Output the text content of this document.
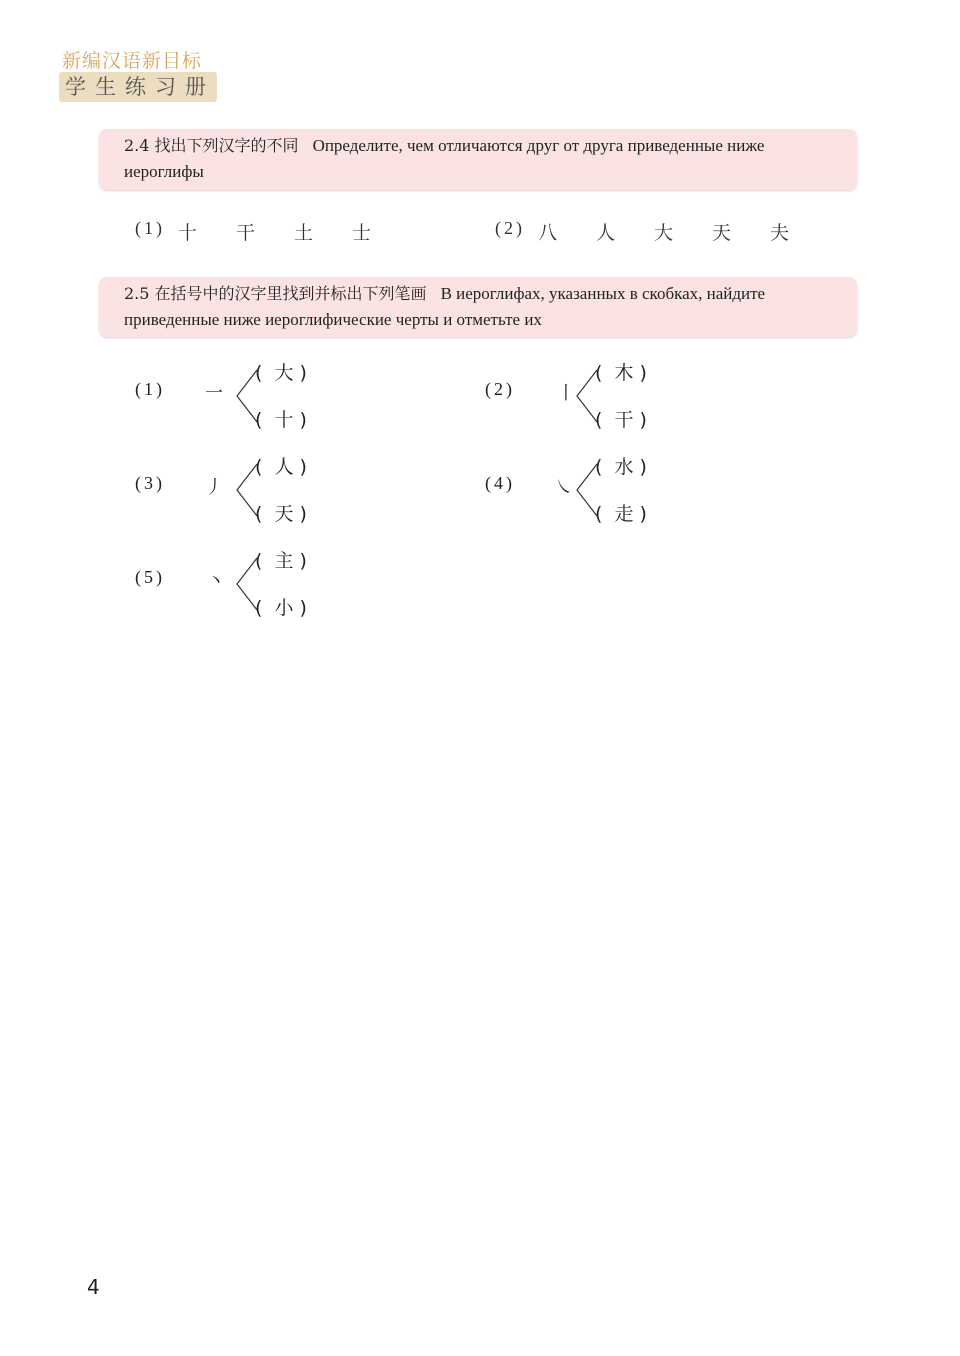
新编汉语新目标
学生练习册
2.4 找出下列汉字的不同 Определите, чем отличаются друг от друга приведенные ниже иероглифы
(1) 十 干 土 士	(2) 八 人 大 天 夫
2.5 在括号中的汉字里找到并标出下列笔画 В иероглифах, указанных в скобках, найдите приведенные ниже иероглифические черты и отметьте их
(1) 一
(  大 )
(  十 )
(2) 丨
(  木 )
(  干 )
(3) 丿
(  人 )
(  天 )
(4) ㇏
(  水 )
(  走 )
(5) 丶
(  主 )
(  小 )
4
